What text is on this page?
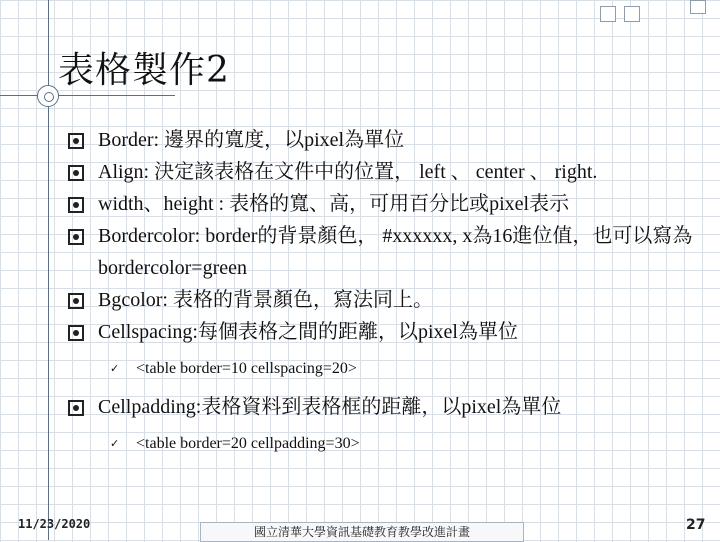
表格製作2
Border: 邊界的寬度，以pixel為單位
Align: 決定該表格在文件中的位置， left 、 center 、 right.
width、height : 表格的寬、高，可用百分比或pixel表示
Bordercolor: border的背景顏色， #xxxxxx, x為16進位值，也可以寫為bordercolor=green
Bgcolor: 表格的背景顏色，寫法同上。
Cellspacing:每個表格之間的距離，以pixel為單位
✓ <table border=10 cellspacing=20>
Cellpadding:表格資料到表格框的距離，以pixel為單位
✓ <table border=20 cellpadding=30>
11/23/2020
國立清華大學資訊基礎教育教學改進計畫	27
